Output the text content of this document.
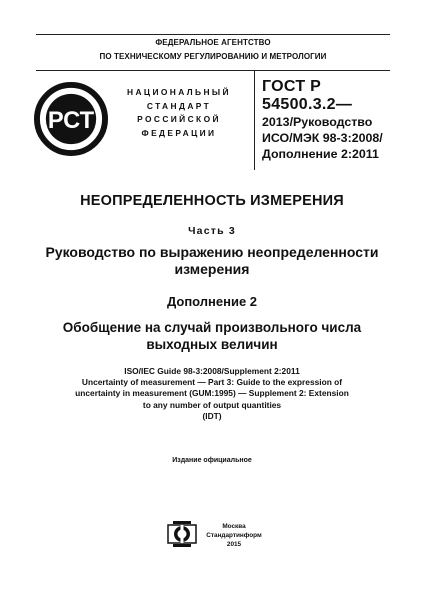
ФЕДЕРАЛЬНОЕ АГЕНТСТВО
ПО ТЕХНИЧЕСКОМУ РЕГУЛИРОВАНИЮ И МЕТРОЛОГИИ
РСТ
НАЦИОНАЛЬНЫЙ
СТАНДАРТ
РОССИЙСКОЙ
ФЕДЕРАЦИИ
ГОСТ Р
54500.3.2—
2013/Руководство
ИСО/МЭК 98-3:2008/
Дополнение 2:2011
НЕОПРЕДЕЛЕННОСТЬ ИЗМЕРЕНИЯ
Часть 3
Руководство по выражению неопределенности
измерения
Дополнение 2
Обобщение на случай произвольного числа
выходных величин
ISO/IEC Guide 98-3:2008/Supplement 2:2011
Uncertainty of measurement — Part 3: Guide to the expression of
uncertainty in measurement (GUM:1995) — Supplement 2: Extension
to any number of output quantities
(IDT)
Издание официальное
Москва
Стандартинформ
2015
